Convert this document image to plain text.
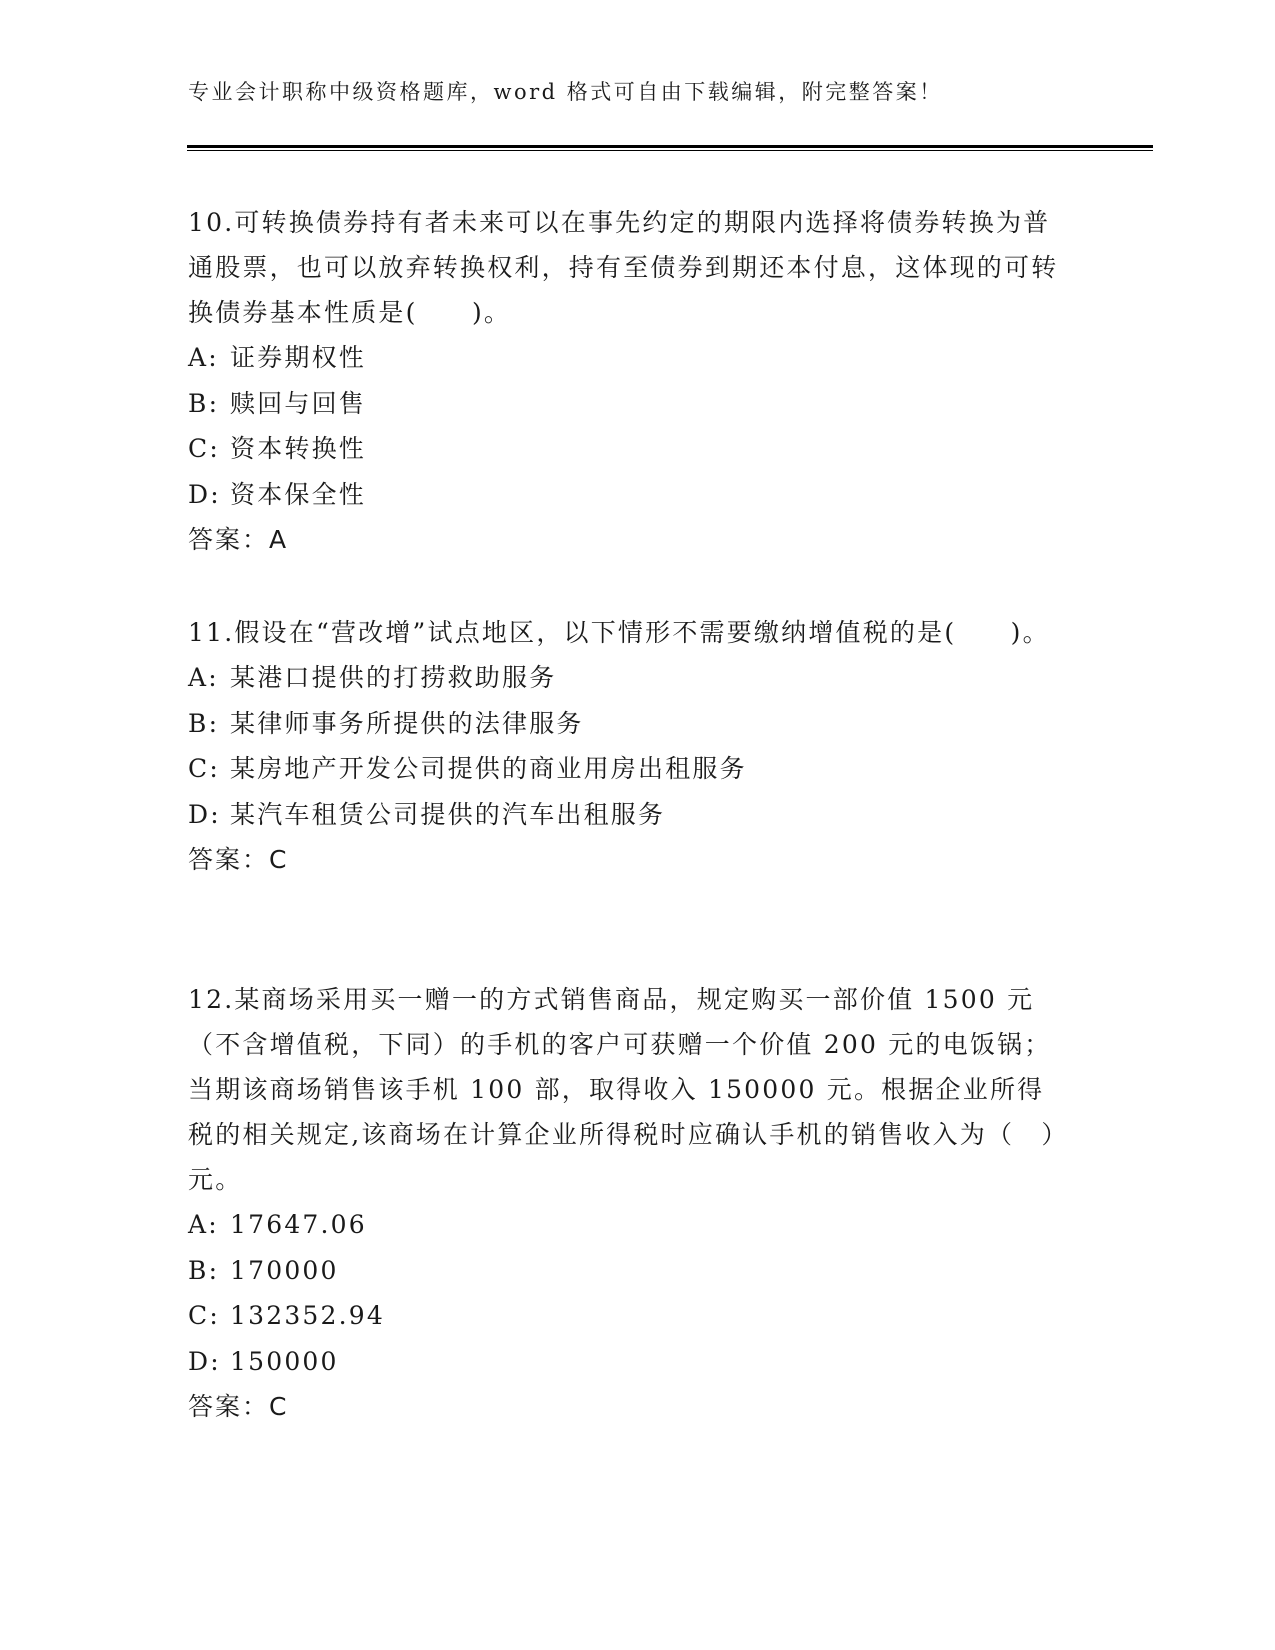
专业会计职称中级资格题库，word 格式可自由下载编辑，附完整答案！

10.可转换债券持有者未来可以在事先约定的期限内选择将债券转换为普通股票，也可以放弃转换权利，持有至债券到期还本付息，这体现的可转换债券基本性质是(　　)。

A: 证券期权性
B: 赎回与回售
C: 资本转换性
D: 资本保全性
答案：A

11.假设在“营改增”试点地区，以下情形不需要缴纳增值税的是(　　)。

A: 某港口提供的打捞救助服务
B: 某律师事务所提供的法律服务
C: 某房地产开发公司提供的商业用房出租服务
D: 某汽车租赁公司提供的汽车出租服务
答案：C

12.某商场采用买一赠一的方式销售商品，规定购买一部价值 1500 元（不含增值税，下同）的手机的客户可获赠一个价值 200 元的电饭锅；当期该商场销售该手机 100 部，取得收入 150000 元。根据企业所得税的相关规定,该商场在计算企业所得税时应确认手机的销售收入为（　）元。

A: 17647.06
B: 170000
C: 132352.94
D: 150000
答案：C
